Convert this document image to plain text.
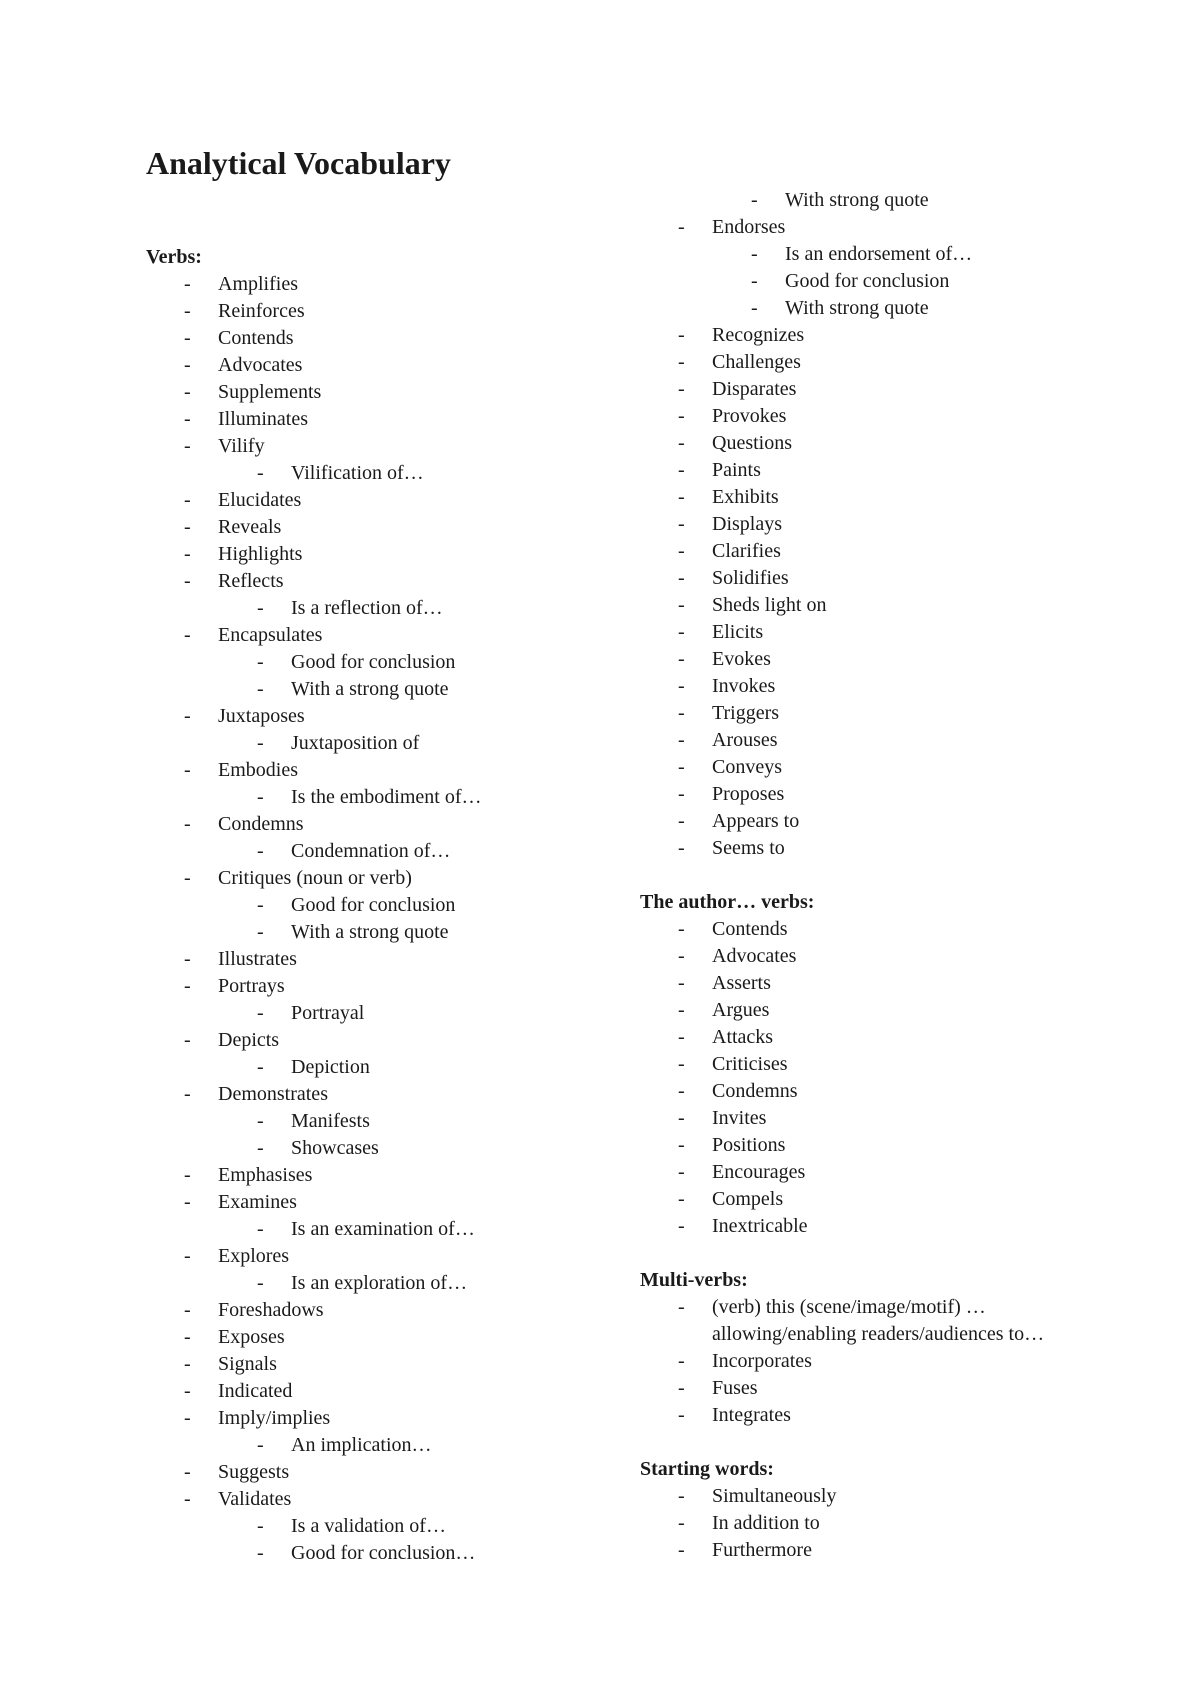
Analytical Vocabulary
Verbs:
- Amplifies
- Reinforces
- Contends
- Advocates
- Supplements
- Illuminates
- Vilify
- Vilification of…
- Elucidates
- Reveals
- Highlights
- Reflects
- Is a reflection of…
- Encapsulates
- Good for conclusion
- With a strong quote
- Juxtaposes
- Juxtaposition of
- Embodies
- Is the embodiment of…
- Condemns
- Condemnation of…
- Critiques (noun or verb)
- Good for conclusion
- With a strong quote
- Illustrates
- Portrays
- Portrayal
- Depicts
- Depiction
- Demonstrates
- Manifests
- Showcases
- Emphasises
- Examines
- Is an examination of…
- Explores
- Is an exploration of…
- Foreshadows
- Exposes
- Signals
- Indicated
- Imply/implies
- An implication…
- Suggests
- Validates
- Is a validation of…
- Good for conclusion…
- With strong quote
- Endorses
- Is an endorsement of…
- Good for conclusion
- With strong quote
- Recognizes
- Challenges
- Disparates
- Provokes
- Questions
- Paints
- Exhibits
- Displays
- Clarifies
- Solidifies
- Sheds light on
- Elicits
- Evokes
- Invokes
- Triggers
- Arouses
- Conveys
- Proposes
- Appears to
- Seems to
The author… verbs:
- Contends
- Advocates
- Asserts
- Argues
- Attacks
- Criticises
- Condemns
- Invites
- Positions
- Encourages
- Compels
- Inextricable
Multi-verbs:
- (verb) this (scene/image/motif) …
allowing/enabling readers/audiences to…
- Incorporates
- Fuses
- Integrates
Starting words:
- Simultaneously
- In addition to
- Furthermore
